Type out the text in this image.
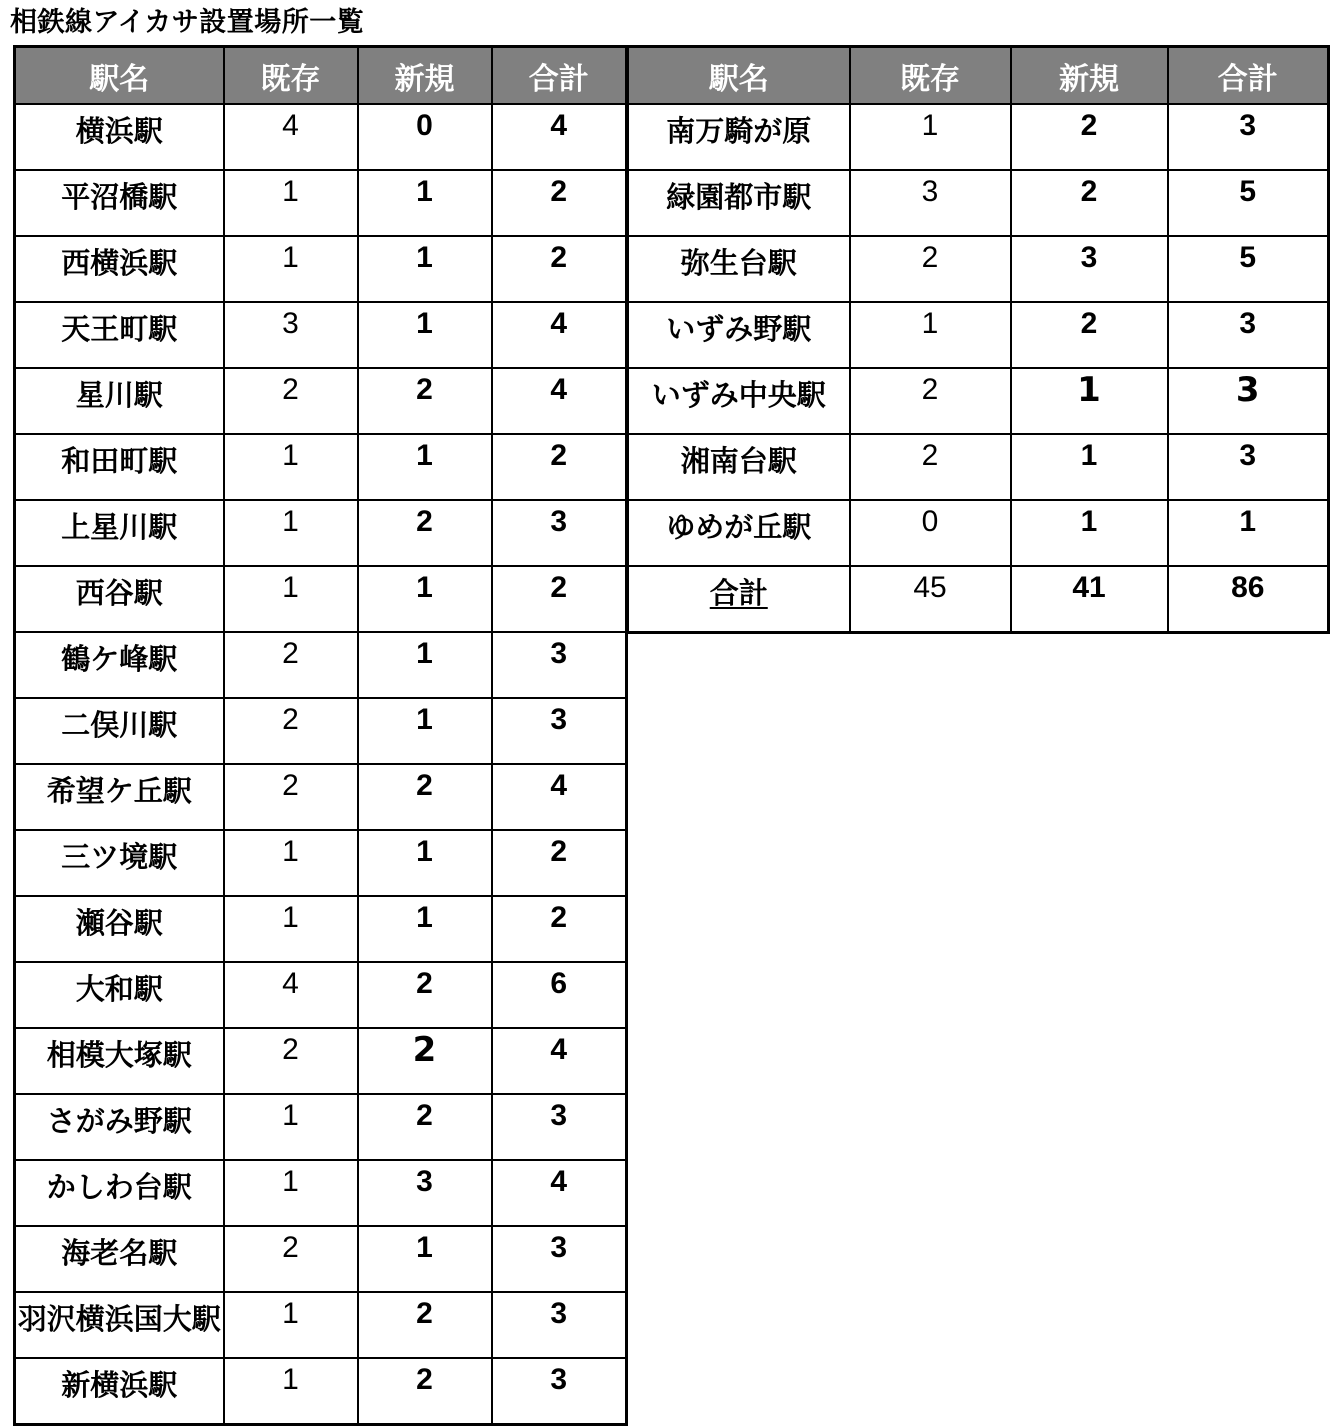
相鉄線アイカサ設置場所一覧
駅名	既存	新規	合計
横浜駅	4	0	4
平沼橋駅	1	1	2
西横浜駅	1	1	2
天王町駅	3	1	4
星川駅	2	2	4
和田町駅	1	1	2
上星川駅	1	2	3
西谷駅	1	1	2
鶴ケ峰駅	2	1	3
二俣川駅	2	1	3
希望ケ丘駅	2	2	4
三ツ境駅	1	1	2
瀬谷駅	1	1	2
大和駅	4	2	6
相模大塚駅	2	2	4
さがみ野駅	1	2	3
かしわ台駅	1	3	4
海老名駅	2	1	3
羽沢横浜国大駅	1	2	3
新横浜駅	1	2	3
駅名	既存	新規	合計
南万騎が原	1	2	3
緑園都市駅	3	2	5
弥生台駅	2	3	5
いずみ野駅	1	2	3
いずみ中央駅	2	1	3
湘南台駅	2	1	3
ゆめが丘駅	0	1	1
合計	45	41	86
